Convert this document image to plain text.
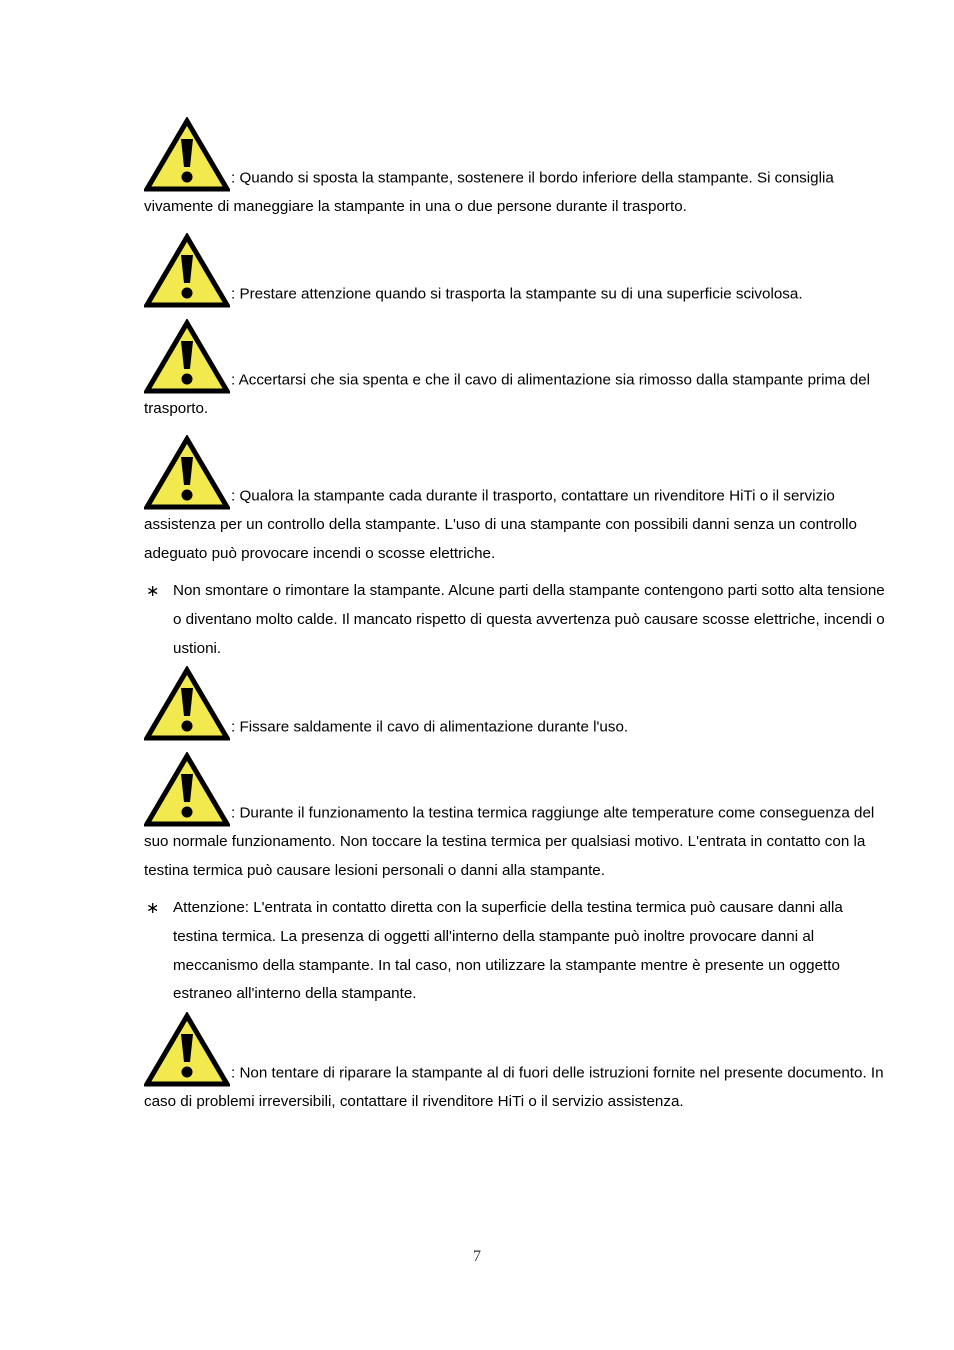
: Quando si sposta la stampante, sostenere il bordo inferiore della stampante. Si consiglia vivamente di maneggiare la stampante in una o due persone durante il trasporto.

: Prestare attenzione quando si trasporta la stampante su di una superficie scivolosa.

: Accertarsi che sia spenta e che il cavo di alimentazione sia rimosso dalla stampante prima del trasporto.

: Qualora la stampante cada durante il trasporto, contattare un rivenditore HiTi o il servizio assistenza per un controllo della stampante. L'uso di una stampante con possibili danni senza un controllo adeguato può provocare incendi o scosse elettriche.

∗ Non smontare o rimontare la stampante. Alcune parti della stampante contengono parti sotto alta tensione o diventano molto calde. Il mancato rispetto di questa avvertenza può causare scosse elettriche, incendi o ustioni.

: Fissare saldamente il cavo di alimentazione durante l'uso.

: Durante il funzionamento la testina termica raggiunge alte temperature come conseguenza del suo normale funzionamento. Non toccare la testina termica per qualsiasi motivo. L'entrata in contatto con la testina termica può causare lesioni personali o danni alla stampante.

∗ Attenzione: L'entrata in contatto diretta con la superficie della testina termica può causare danni alla testina termica. La presenza di oggetti all'interno della stampante può inoltre provocare danni al meccanismo della stampante. In tal caso, non utilizzare la stampante mentre è presente un oggetto estraneo all'interno della stampante.

: Non tentare di riparare la stampante al di fuori delle istruzioni fornite nel presente documento. In caso di problemi irreversibili, contattare il rivenditore HiTi o il servizio assistenza.

7
